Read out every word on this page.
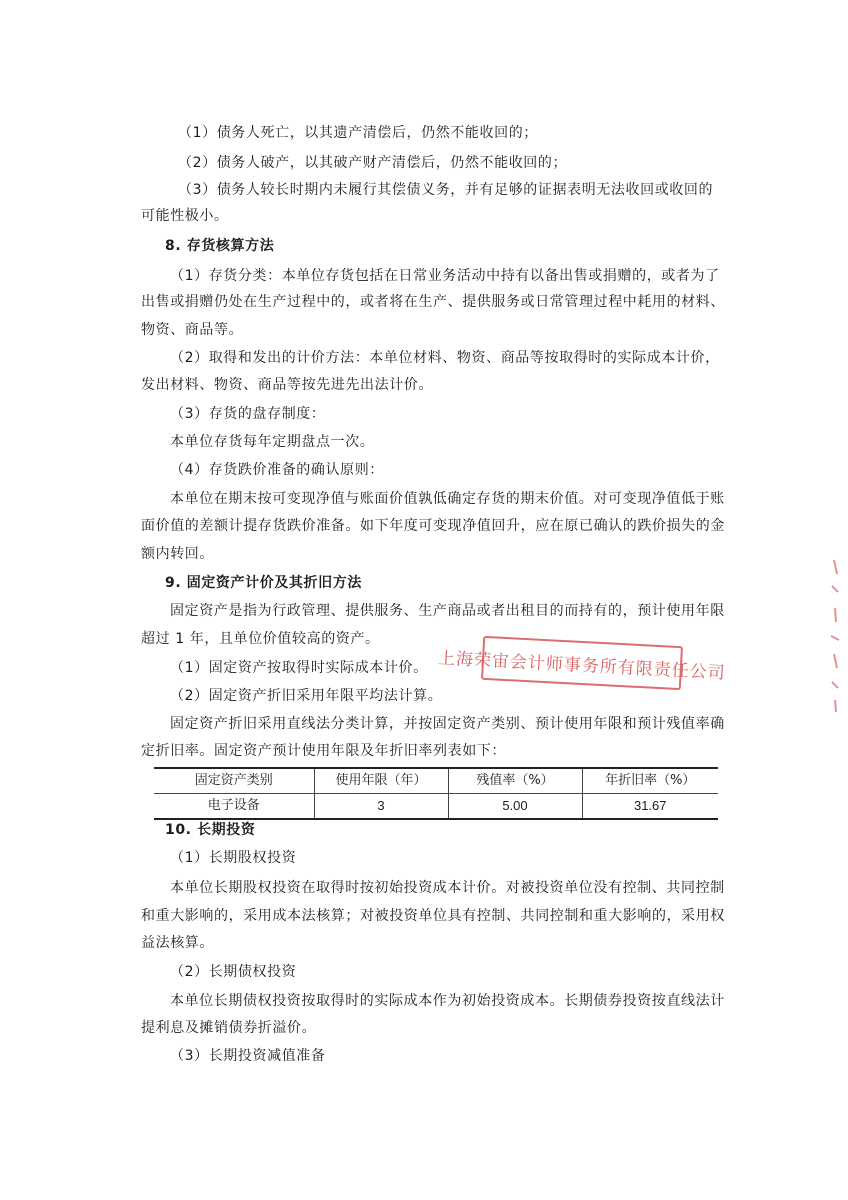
（1）债务人死亡，以其遗产清偿后，仍然不能收回的；
（2）债务人破产，以其破产财产清偿后，仍然不能收回的；
（3）债务人较长时期内未履行其偿债义务，并有足够的证据表明无法收回或收回的
可能性极小。
8. 存货核算方法
（1）存货分类：本单位存货包括在日常业务活动中持有以备出售或捐赠的，或者为了
出售或捐赠仍处在生产过程中的，或者将在生产、提供服务或日常管理过程中耗用的材料、
物资、商品等。
（2）取得和发出的计价方法：本单位材料、物资、商品等按取得时的实际成本计价，
发出材料、物资、商品等按先进先出法计价。
（3）存货的盘存制度：
本单位存货每年定期盘点一次。
（4）存货跌价准备的确认原则：
本单位在期末按可变现净值与账面价值孰低确定存货的期末价值。对可变现净值低于账
面价值的差额计提存货跌价准备。如下年度可变现净值回升，应在原已确认的跌价损失的金
额内转回。
9. 固定资产计价及其折旧方法
固定资产是指为行政管理、提供服务、生产商品或者出租目的而持有的，预计使用年限
超过 1 年，且单位价值较高的资产。
（1）固定资产按取得时实际成本计价。
（2）固定资产折旧采用年限平均法计算。
固定资产折旧采用直线法分类计算，并按固定资产类别、预计使用年限和预计残值率确
定折旧率。固定资产预计使用年限及年折旧率列表如下：
固定资产类别	使用年限（年）	残值率（%）	年折旧率（%）
电子设备	3	5.00	31.67
10. 长期投资
（1）长期股权投资
本单位长期股权投资在取得时按初始投资成本计价。对被投资单位没有控制、共同控制
和重大影响的，采用成本法核算；对被投资单位具有控制、共同控制和重大影响的，采用权
益法核算。
（2）长期债权投资
本单位长期债权投资按取得时的实际成本作为初始投资成本。长期债券投资按直线法计
提利息及摊销债券折溢价。
（3）长期投资减值准备
上海荣宙会计师事务所有限责任公司
